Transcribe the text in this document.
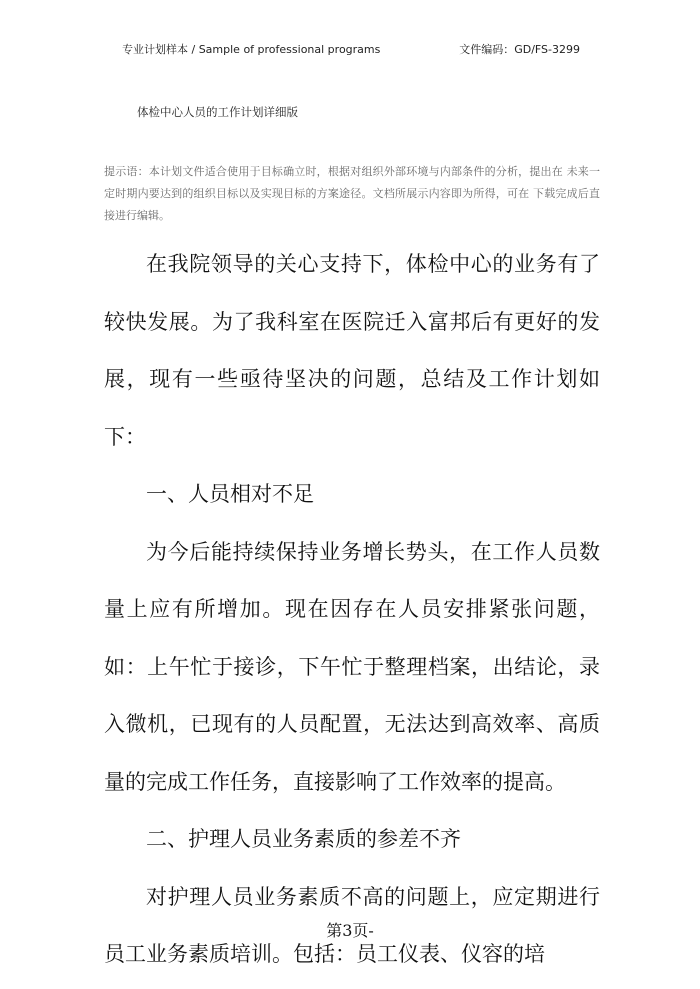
专业计划样本 / Sample of professional programs	文件编码：GD/FS-3299
体检中心人员的工作计划详细版
提示语：本计划文件适合使用于目标确立时，根据对组织外部环境与内部条件的分析，提出在 未来一定时期内要达到的组织目标以及实现目标的方案途径。文档所展示内容即为所得，可在 下载完成后直接进行编辑。

在我院领导的关心支持下，体检中心的业务有了较快发展。为了我科室在医院迁入富邦后有更好的发展，现有一些亟待坚决的问题，总结及工作计划如 下：

一、人员相对不足

为今后能持续保持业务增长势头，在工作人员数量上应有所增加。现在因存在人员安排紧张问题，如：上午忙于接诊，下午忙于整理档案，出结论，录 入微机，已现有的人员配置，无法达到高效率、高质 量的完成工作任务，直接影响了工作效率的提高。

二、护理人员业务素质的参差不齐

对护理人员业务素质不高的问题上，应定期进行员工业务素质培训。包括：员工仪表、仪容的培

第3页-
